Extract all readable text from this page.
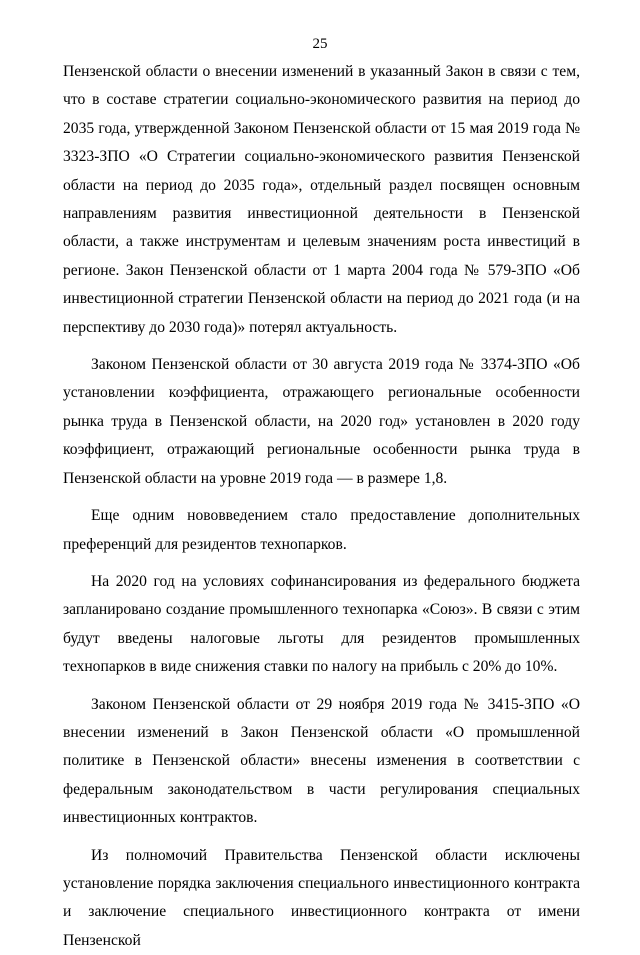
25

Пензенской области о внесении изменений в указанный Закон в связи с тем, что в составе стратегии социально-экономического развития на период до 2035 года, утвержденной Законом Пензенской области от 15 мая 2019 года № 3323-ЗПО «О Стратегии социально-экономического развития Пензенской области на период до 2035 года», отдельный раздел посвящен основным направлениям развития инвестиционной деятельности в Пензенской области, а также инструментам и целевым значениям роста инвестиций в регионе. Закон Пензенской области от 1 марта 2004 года № 579-ЗПО «Об инвестиционной стратегии Пензенской области на период до 2021 года (и на перспективу до 2030 года)» потерял актуальность.

Законом Пензенской области от 30 августа 2019 года № 3374-ЗПО «Об установлении коэффициента, отражающего региональные особенности рынка труда в Пензенской области, на 2020 год» установлен в 2020 году коэффициент, отражающий региональные особенности рынка труда в Пензенской области на уровне 2019 года — в размере 1,8.

Еще одним нововведением стало предоставление дополнительных преференций для резидентов технопарков.

На 2020 год на условиях софинансирования из федерального бюджета запланировано создание промышленного технопарка «Союз». В связи с этим будут введены налоговые льготы для резидентов промышленных технопарков в виде снижения ставки по налогу на прибыль с 20% до 10%.

Законом Пензенской области от 29 ноября 2019 года № 3415-ЗПО «О внесении изменений в Закон Пензенской области «О промышленной политике в Пензенской области» внесены изменения в соответствии с федеральным законодательством в части регулирования специальных инвестиционных контрактов.

Из полномочий Правительства Пензенской области исключены установление порядка заключения специального инвестиционного контракта и заключение специального инвестиционного контракта от имени Пензенской
